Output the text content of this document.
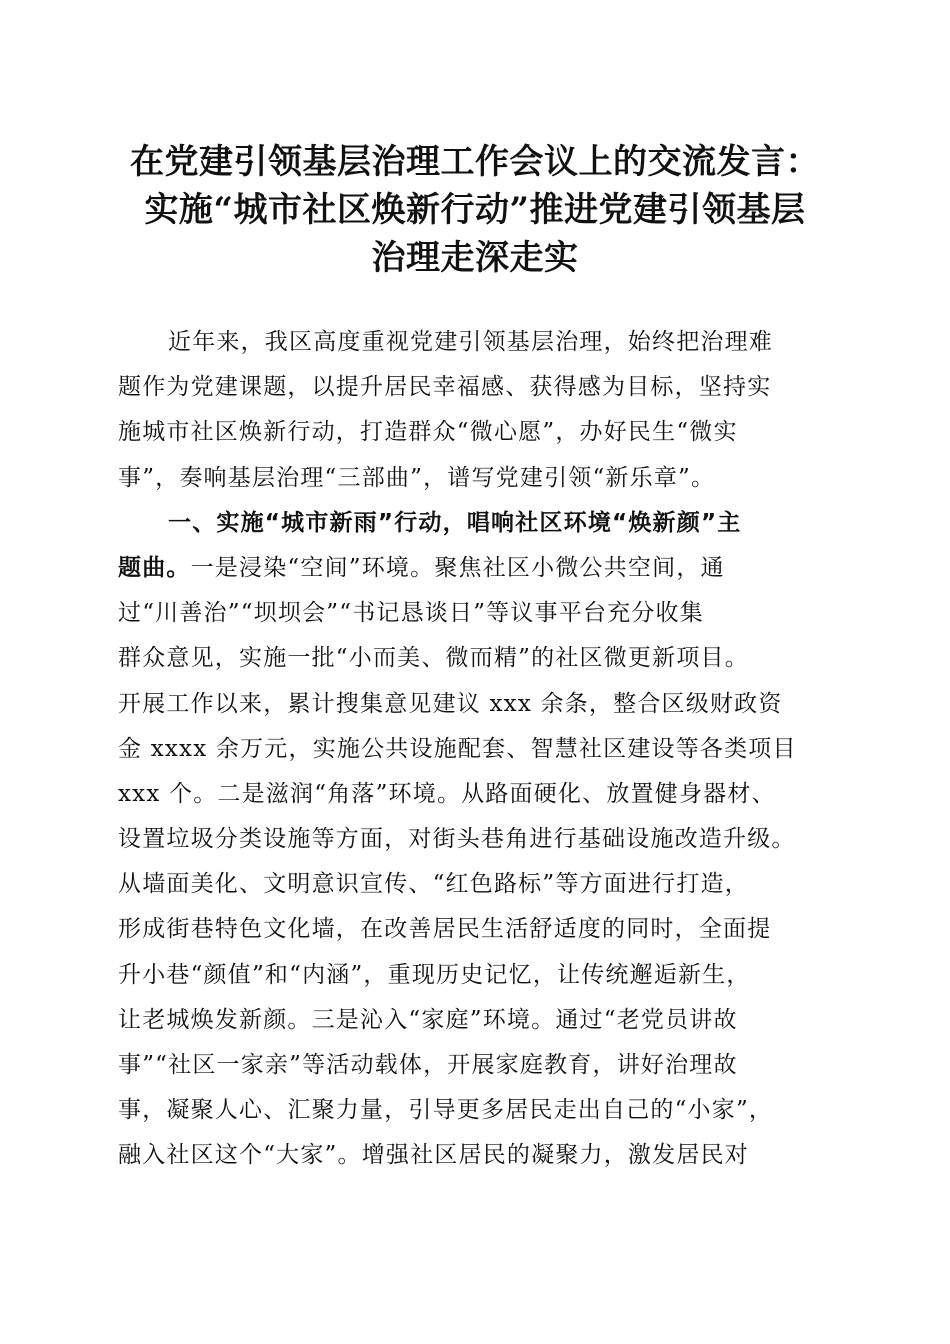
在党建引领基层治理工作会议上的交流发言：
实施“城市社区焕新行动”推进党建引领基层
治理走深走实
近年来，我区高度重视党建引领基层治理，始终把治理难
题作为党建课题，以提升居民幸福感、获得感为目标，坚持实
施城市社区焕新行动，打造群众“微心愿”，办好民生“微实
事”，奏响基层治理“三部曲”，谱写党建引领“新乐章”。
一、实施“城市新雨”行动，唱响社区环境“焕新颜”主
题曲。一是浸染“空间”环境。聚焦社区小微公共空间，通
过“川善治”“坝坝会”“书记恳谈日”等议事平台充分收集
群众意见，实施一批“小而美、微而精”的社区微更新项目。
开展工作以来，累计搜集意见建议 xxx 余条，整合区级财政资
金 xxxx 余万元，实施公共设施配套、智慧社区建设等各类项目
xxx 个。二是滋润“角落”环境。从路面硬化、放置健身器材、
设置垃圾分类设施等方面，对街头巷角进行基础设施改造升级。
从墙面美化、文明意识宣传、“红色路标”等方面进行打造，
形成街巷特色文化墙，在改善居民生活舒适度的同时，全面提
升小巷“颜值”和“内涵”，重现历史记忆，让传统邂逅新生，
让老城焕发新颜。三是沁入“家庭”环境。通过“老党员讲故
事”“社区一家亲”等活动载体，开展家庭教育，讲好治理故
事，凝聚人心、汇聚力量，引导更多居民走出自己的“小家”，
融入社区这个“大家”。增强社区居民的凝聚力，激发居民对
